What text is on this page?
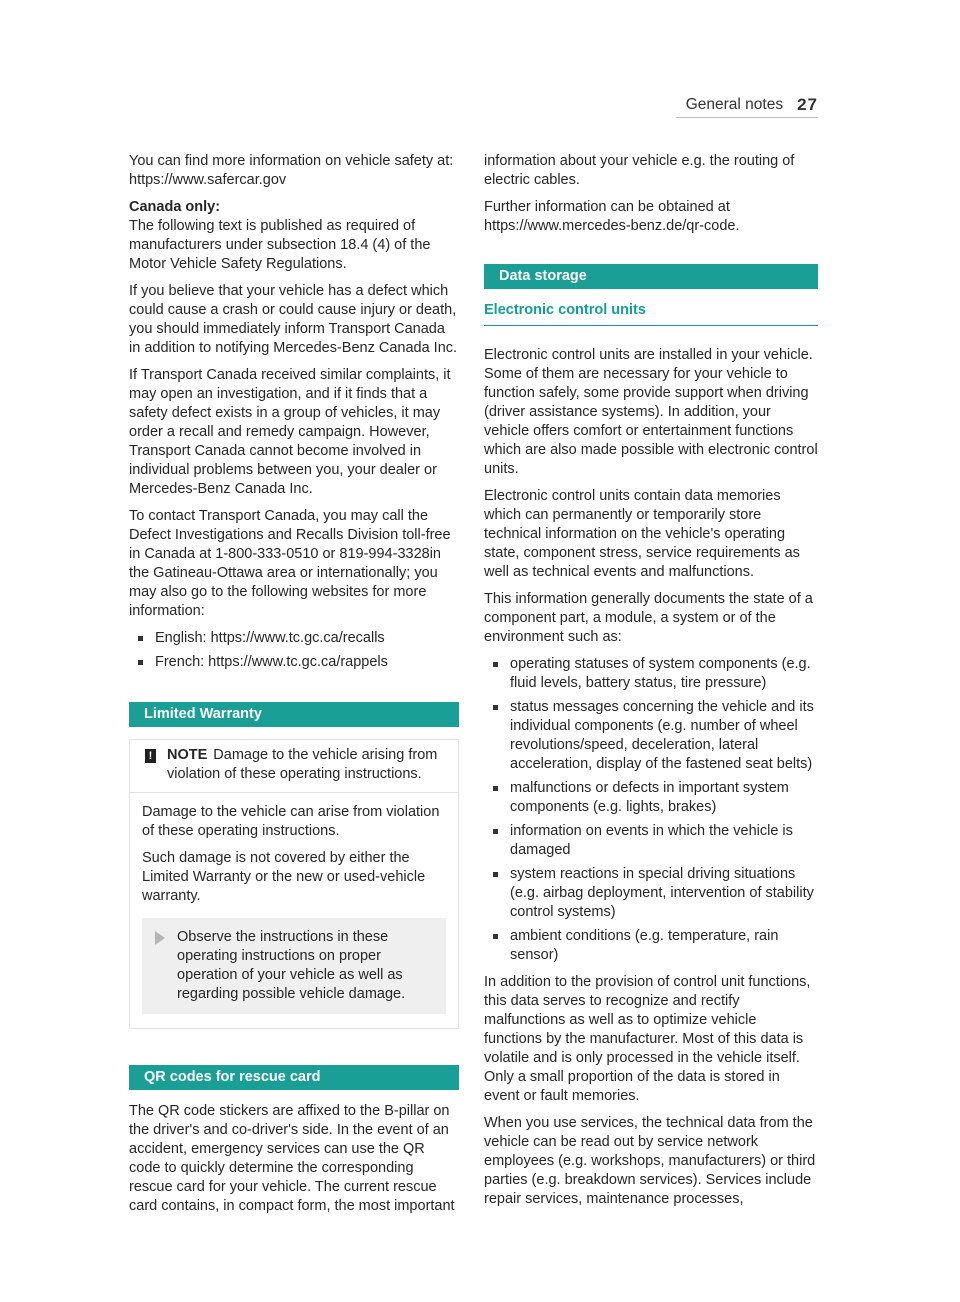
General notes 27

You can find more information on vehicle safety at: https://www.safercar.gov

Canada only:

The following text is published as required of manufacturers under subsection 18.4 (4) of the Motor Vehicle Safety Regulations.

If you believe that your vehicle has a defect which could cause a crash or could cause injury or death, you should immediately inform Transport Canada in addition to notifying Mercedes-Benz Canada Inc.

If Transport Canada received similar complaints, it may open an investigation, and if it finds that a safety defect exists in a group of vehicles, it may order a recall and remedy campaign. However, Transport Canada cannot become involved in individual problems between you, your dealer or Mercedes-Benz Canada Inc.

To contact Transport Canada, you may call the Defect Investigations and Recalls Division toll-free in Canada at 1-800-333-0510 or 819-994-3328in the Gatineau-Ottawa area or internationally; you may also go to the following websites for more information:

English: https://www.tc.gc.ca/recalls
French: https://www.tc.gc.ca/rappels
Limited Warranty
! NOTE Damage to the vehicle arising from violation of these operating instructions.

Damage to the vehicle can arise from violation of these operating instructions.

Such damage is not covered by either the Limited Warranty or the new or used-vehicle warranty.

Observe the instructions in these operating instructions on proper operation of your vehicle as well as regarding possible vehicle damage.
QR codes for rescue card

The QR code stickers are affixed to the B-pillar on the driver's and co-driver's side. In the event of an accident, emergency services can use the QR code to quickly determine the corresponding rescue card for your vehicle. The current rescue card contains, in compact form, the most important

information about your vehicle e.g. the routing of electric cables.

Further information can be obtained at https://www.mercedes-benz.de/qr-code.

Data storage
Electronic control units

Electronic control units are installed in your vehicle. Some of them are necessary for your vehicle to function safely, some provide support when driving (driver assistance systems). In addition, your vehicle offers comfort or entertainment functions which are also made possible with electronic control units.

Electronic control units contain data memories which can permanently or temporarily store technical information on the vehicle's operating state, component stress, service requirements as well as technical events and malfunctions.

This information generally documents the state of a component part, a module, a system or of the environment such as:

operating statuses of system components (e.g. fluid levels, battery status, tire pressure)
status messages concerning the vehicle and its individual components (e.g. number of wheel revolutions/speed, deceleration, lateral acceleration, display of the fastened seat belts)
malfunctions or defects in important system components (e.g. lights, brakes)
information on events in which the vehicle is damaged
system reactions in special driving situations (e.g. airbag deployment, intervention of stability control systems)
ambient conditions (e.g. temperature, rain sensor)

In addition to the provision of control unit functions, this data serves to recognize and rectify malfunctions as well as to optimize vehicle functions by the manufacturer. Most of this data is volatile and is only processed in the vehicle itself. Only a small proportion of the data is stored in event or fault memories.

When you use services, the technical data from the vehicle can be read out by service network employees (e.g. workshops, manufacturers) or third parties (e.g. breakdown services). Services include repair services, maintenance processes,
